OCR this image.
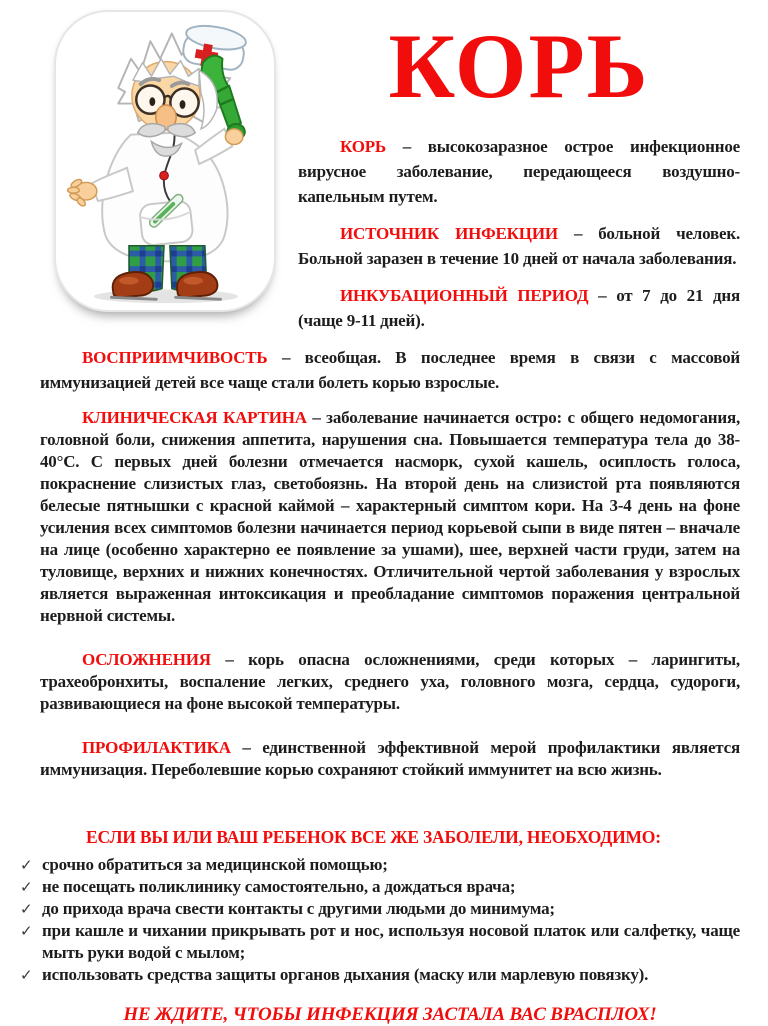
КОРЬ

КОРЬ – высокозаразное острое инфекционное вирусное заболевание, передающееся воздушно-капельным путем.

ИСТОЧНИК ИНФЕКЦИИ – больной человек. Больной заразен в течение 10 дней от начала заболевания.

ИНКУБАЦИОННЫЙ ПЕРИОД – от 7 до 21 дня (чаще 9-11 дней).

ВОСПРИИМЧИВОСТЬ – всеобщая. В последнее время в связи с массовой иммунизацией детей все чаще стали болеть корью взрослые.

КЛИНИЧЕСКАЯ КАРТИНА – заболевание начинается остро: с общего недомогания, головной боли, снижения аппетита, нарушения сна. Повышается температура тела до 38-40°С. С первых дней болезни отмечается насморк, сухой кашель, осиплость голоса, покраснение слизистых глаз, светобоязнь. На второй день на слизистой рта появляются белесые пятнышки с красной каймой – характерный симптом кори. На 3-4 день на фоне усиления всех симптомов болезни начинается период корьевой сыпи в виде пятен – вначале на лице (особенно характерно ее появление за ушами), шее, верхней части груди, затем на туловище, верхних и нижних конечностях. Отличительной чертой заболевания у взрослых является выраженная интоксикация и преобладание симптомов поражения центральной нервной системы.

ОСЛОЖНЕНИЯ – корь опасна осложнениями, среди которых – ларингиты, трахеобронхиты, воспаление легких, среднего уха, головного мозга, сердца, судороги, развивающиеся на фоне высокой температуры.

ПРОФИЛАКТИКА – единственной эффективной мерой профилактики является иммунизация. Переболевшие корью сохраняют стойкий иммунитет на всю жизнь.

ЕСЛИ ВЫ ИЛИ ВАШ РЕБЕНОК ВСЕ ЖЕ ЗАБОЛЕЛИ, НЕОБХОДИМО:
✓ срочно обратиться за медицинской помощью;
✓ не посещать поликлинику самостоятельно, а дождаться врача;
✓ до прихода врача свести контакты с другими людьми до минимума;
✓ при кашле и чихании прикрывать рот и нос, используя носовой платок или салфетку, чаще мыть руки водой с мылом;
✓ использовать средства защиты органов дыхания (маску или марлевую повязку).
НЕ ЖДИТЕ, ЧТОБЫ ИНФЕКЦИЯ ЗАСТАЛА ВАС ВРАСПЛОХ!
